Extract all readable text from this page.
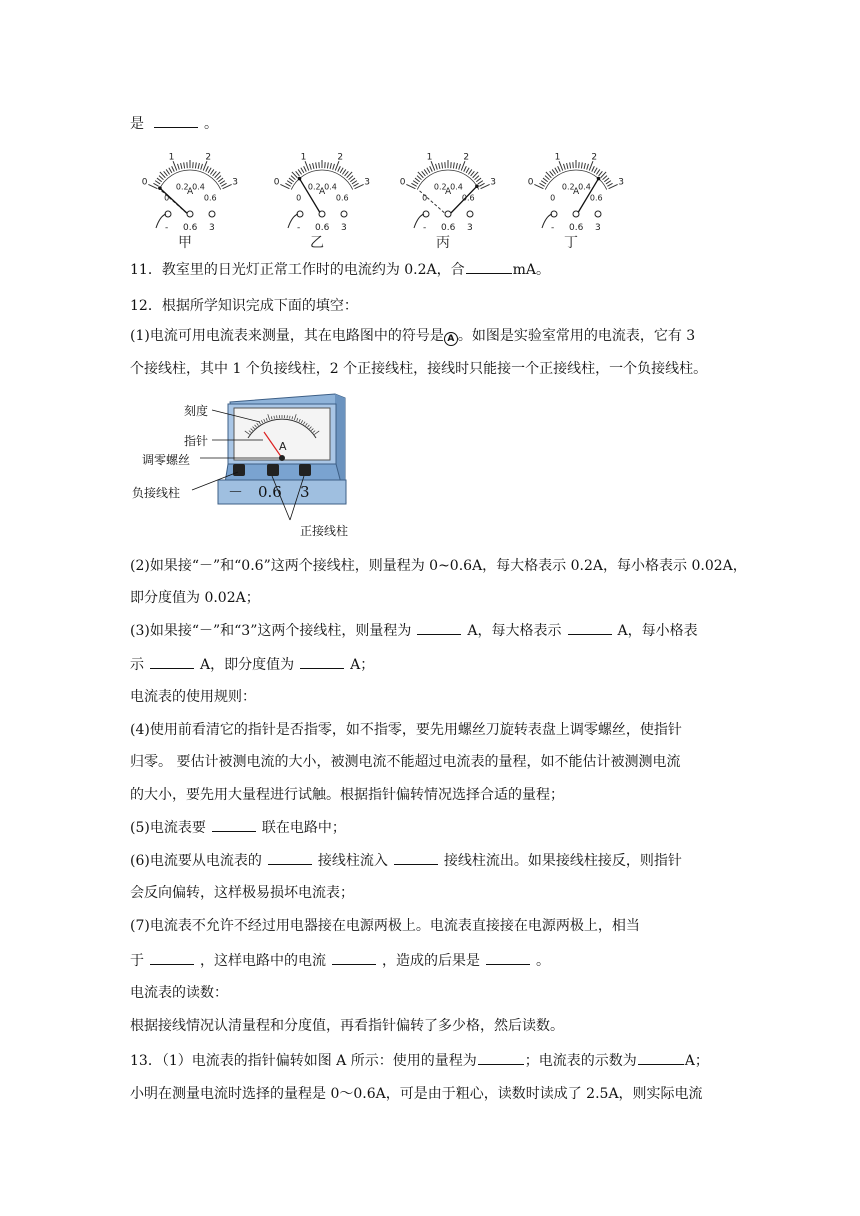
是	。
0
1	2
3
0
0.2 0.4
0.6
A
- 0.6 3
甲
0
1	2
3
0
0.2 0.4
0.6
A
- 0.6 3
乙
0
1	2
3
0
0.2 0.4
0.6
A
- 0.6 3
丙
0
1	2
3
0
0.2 0.4
0.6
A
- 0.6 3
丁
11．教室里的日光灯正常工作时的电流约为 0.2A，合	mA。
12．根据所学知识完成下面的填空：
(1)电流可用电流表来测量，其在电路图中的符号是 A 。如图是实验室常用的电流表，它有 3
个接线柱，其中 1 个负接线柱，2 个正接线柱，接线时只能接一个正接线柱，一个负接线柱。
A
－ 0.6 3
刻度
指针
调零螺丝
负接线柱
正接线柱
(2)如果接“－”和“0.6”这两个接线柱，则量程为 0~0.6A，每大格表示 0.2A，每小格表示 0.02A，
即分度值为 0.02A；
(3)如果接“－”和“3”这两个接线柱，则量程为	A，每大格表示	A，每小格表
示	A，即分度值为	A；
电流表的使用规则：
(4)使用前看清它的指针是否指零，如不指零，要先用螺丝刀旋转表盘上调零螺丝，使指针
归零。 要估计被测电流的大小，被测电流不能超过电流表的量程，如不能估计被测测电流
的大小，要先用大量程进行试触。根据指针偏转情况选择合适的量程；
(5)电流表要	联在电路中；
(6)电流要从电流表的	接线柱流入	接线柱流出。如果接线柱接反，则指针
会反向偏转，这样极易损坏电流表；
(7)电流表不允许不经过用电器接在电源两极上。电流表直接接在电源两极上，相当
于	，这样电路中的电流	，造成的后果是	。
电流表的读数：
根据接线情况认清量程和分度值，再看指针偏转了多少格，然后读数。
13．（1）电流表的指针偏转如图 A 所示：使用的量程为	；电流表的示数为	A；
小明在测量电流时选择的量程是 0～0.6A，可是由于粗心，读数时读成了 2.5A，则实际电流
